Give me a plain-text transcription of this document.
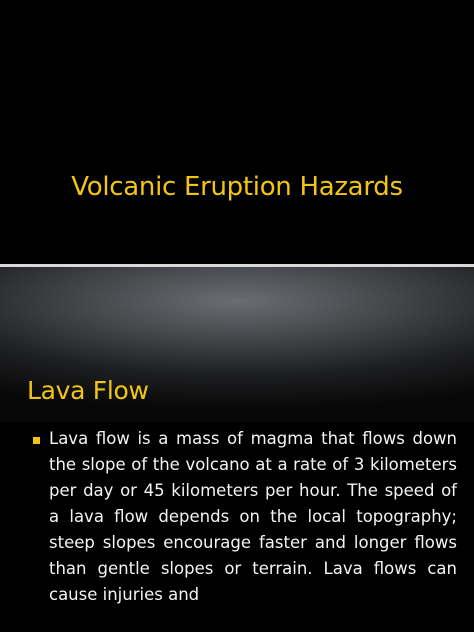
Volcanic Eruption Hazards
Lava Flow
Lava flow is a mass of magma that flows down the slope of the volcano at a rate of 3 kilometers per day or 45 kilometers per hour. The speed of a lava flow depends on the local topography; steep slopes encourage faster and longer flows than gentle slopes or terrain. Lava flows can cause injuries and
